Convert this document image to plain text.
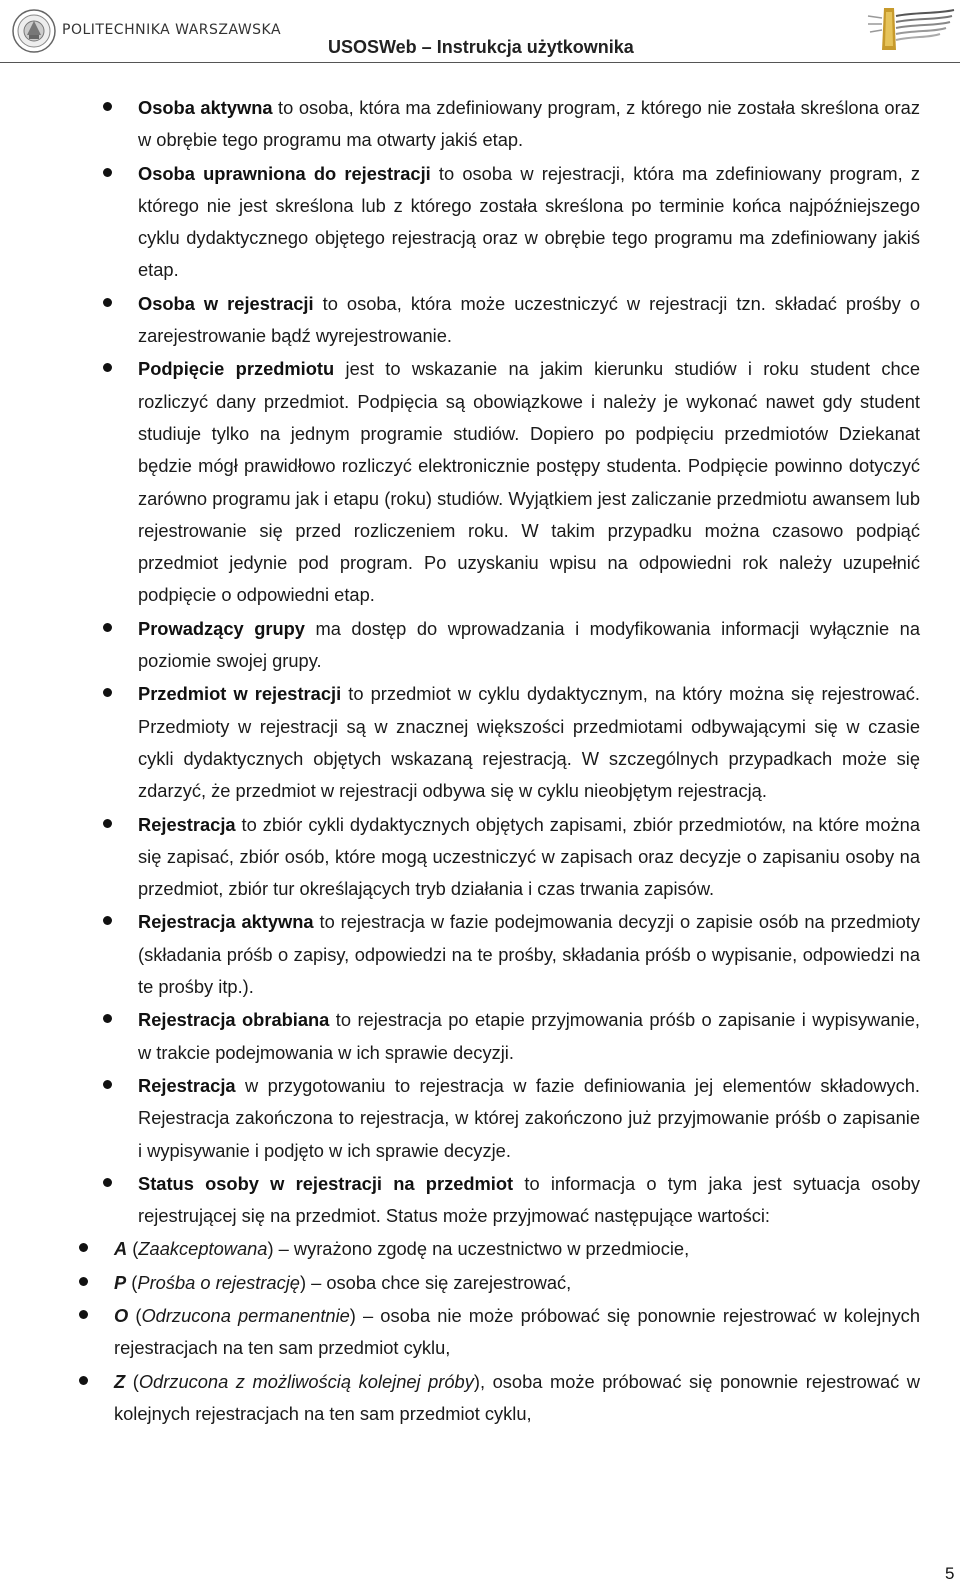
POLITECHNIKA WARSZAWSKA
USOSWeb – Instrukcja użytkownika
Osoba aktywna to osoba, która ma zdefiniowany program, z którego nie została skreślona oraz w obrębie tego programu ma otwarty jakiś etap.
Osoba uprawniona do rejestracji to osoba w rejestracji, która ma zdefiniowany program, z którego nie jest skreślona lub z którego została skreślona po terminie końca najpóźniejszego cyklu dydaktycznego objętego rejestracją oraz w obrębie tego programu ma zdefiniowany jakiś etap.
Osoba w rejestracji to osoba, która może uczestniczyć w rejestracji tzn. składać prośby o zarejestrowanie bądź wyrejestrowanie.
Podpięcie przedmiotu jest to wskazanie na jakim kierunku studiów i roku student chce rozliczyć dany przedmiot. Podpięcia są obowiązkowe i należy je wykonać nawet gdy student studiuje tylko na jednym programie studiów. Dopiero po podpięciu przedmiotów Dziekanat będzie mógł prawidłowo rozliczyć elektronicznie postępy studenta. Podpięcie powinno dotyczyć zarówno programu jak i etapu (roku) studiów. Wyjątkiem jest zaliczanie przedmiotu awansem lub rejestrowanie się przed rozliczeniem roku. W takim przypadku można czasowo podpiąć przedmiot jedynie pod program. Po uzyskaniu wpisu na odpowiedni rok należy uzupełnić podpięcie o odpowiedni etap.
Prowadzący grupy ma dostęp do wprowadzania i modyfikowania informacji wyłącznie na poziomie swojej grupy.
Przedmiot w rejestracji to przedmiot w cyklu dydaktycznym, na który można się rejestrować. Przedmioty w rejestracji są w znacznej większości przedmiotami odbywającymi się w czasie cykli dydaktycznych objętych wskazaną rejestracją. W szczególnych przypadkach może się zdarzyć, że przedmiot w rejestracji odbywa się w cyklu nieobjętym rejestracją.
Rejestracja to zbiór cykli dydaktycznych objętych zapisami, zbiór przedmiotów, na które można się zapisać, zbiór osób, które mogą uczestniczyć w zapisach oraz decyzje o zapisaniu osoby na przedmiot, zbiór tur określających tryb działania i czas trwania zapisów.
Rejestracja aktywna to rejestracja w fazie podejmowania decyzji o zapisie osób na przedmioty (składania próśb o zapisy, odpowiedzi na te prośby, składania próśb o wypisanie, odpowiedzi na te prośby itp.).
Rejestracja obrabiana to rejestracja po etapie przyjmowania próśb o zapisanie i wypisywanie, w trakcie podejmowania w ich sprawie decyzji.
Rejestracja w przygotowaniu to rejestracja w fazie definiowania jej elementów składowych. Rejestracja zakończona to rejestracja, w której zakończono już przyjmowanie próśb o zapisanie i wypisywanie i podjęto w ich sprawie decyzje.
Status osoby w rejestracji na przedmiot to informacja o tym jaka jest sytuacja osoby rejestrującej się na przedmiot. Status może przyjmować następujące wartości:
A (Zaakceptowana) – wyrażono zgodę na uczestnictwo w przedmiocie,
P (Prośba o rejestrację) – osoba chce się zarejestrować,
O (Odrzucona permanentnie) – osoba nie może próbować się ponownie rejestrować w kolejnych rejestracjach na ten sam przedmiot cyklu,
Z (Odrzucona z możliwością kolejnej próby), osoba może próbować się ponownie rejestrować w kolejnych rejestracjach na ten sam przedmiot cyklu,
5
